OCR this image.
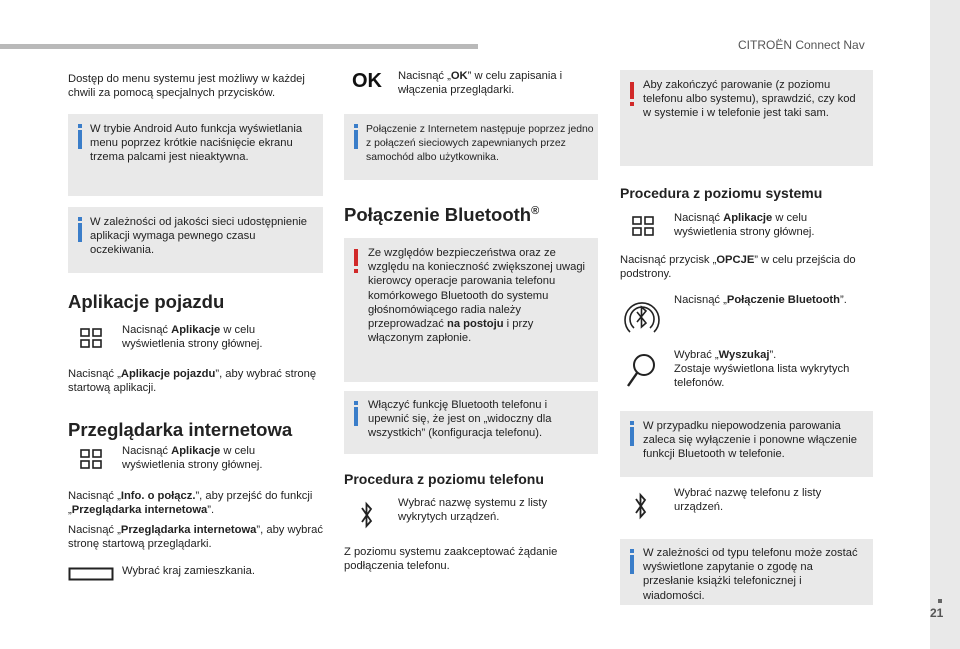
CITROËN Connect Nav
21
Dostęp do menu systemu jest możliwy w każdej chwili za pomocą specjalnych przycisków.
W trybie Android Auto funkcja wyświetlania menu poprzez krótkie naciśnięcie ekranu trzema palcami jest nieaktywna.
W zależności od jakości sieci udostępnienie aplikacji wymaga pewnego czasu oczekiwania.
Aplikacje pojazdu
Nacisnąć Aplikacje w celu wyświetlenia strony głównej.
Nacisnąć „Aplikacje pojazdu”, aby wybrać stronę startową aplikacji.
Przeglądarka internetowa
Nacisnąć Aplikacje w celu wyświetlenia strony głównej.
Nacisnąć „Info. o połącz.”, aby przejść do funkcji „Przeglądarka internetowa”.
Nacisnąć „Przeglądarka internetowa”, aby wybrać stronę startową przeglądarki.
Wybrać kraj zamieszkania.
OK Nacisnąć „OK” w celu zapisania i włączenia przeglądarki.
Połączenie z Internetem następuje poprzez jedno z połączeń sieciowych zapewnianych przez samochód albo użytkownika.
Połączenie Bluetooth®
Ze względów bezpieczeństwa oraz ze względu na konieczność zwiększonej uwagi kierowcy operacje parowania telefonu komórkowego Bluetooth do systemu głośnomówiącego radia należy przeprowadzać na postoju i przy włączonym zapłonie.
Włączyć funkcję Bluetooth telefonu i upewnić się, że jest on „widoczny dla wszystkich” (konfiguracja telefonu).
Procedura z poziomu telefonu
Wybrać nazwę systemu z listy wykrytych urządzeń.
Z poziomu systemu zaakceptować żądanie podłączenia telefonu.
Aby zakończyć parowanie (z poziomu telefonu albo systemu), sprawdzić, czy kod w systemie i w telefonie jest taki sam.
Procedura z poziomu systemu
Nacisnąć Aplikacje w celu wyświetlenia strony głównej.
Nacisnąć przycisk „OPCJE” w celu przejścia do podstrony.
Nacisnąć „Połączenie Bluetooth”.
Wybrać „Wyszukaj”.
Zostaje wyświetlona lista wykrytych telefonów.
W przypadku niepowodzenia parowania zaleca się wyłączenie i ponowne włączenie funkcji Bluetooth w telefonie.
Wybrać nazwę telefonu z listy urządzeń.
W zależności od typu telefonu może zostać wyświetlone zapytanie o zgodę na przesłanie książki telefonicznej i wiadomości.
